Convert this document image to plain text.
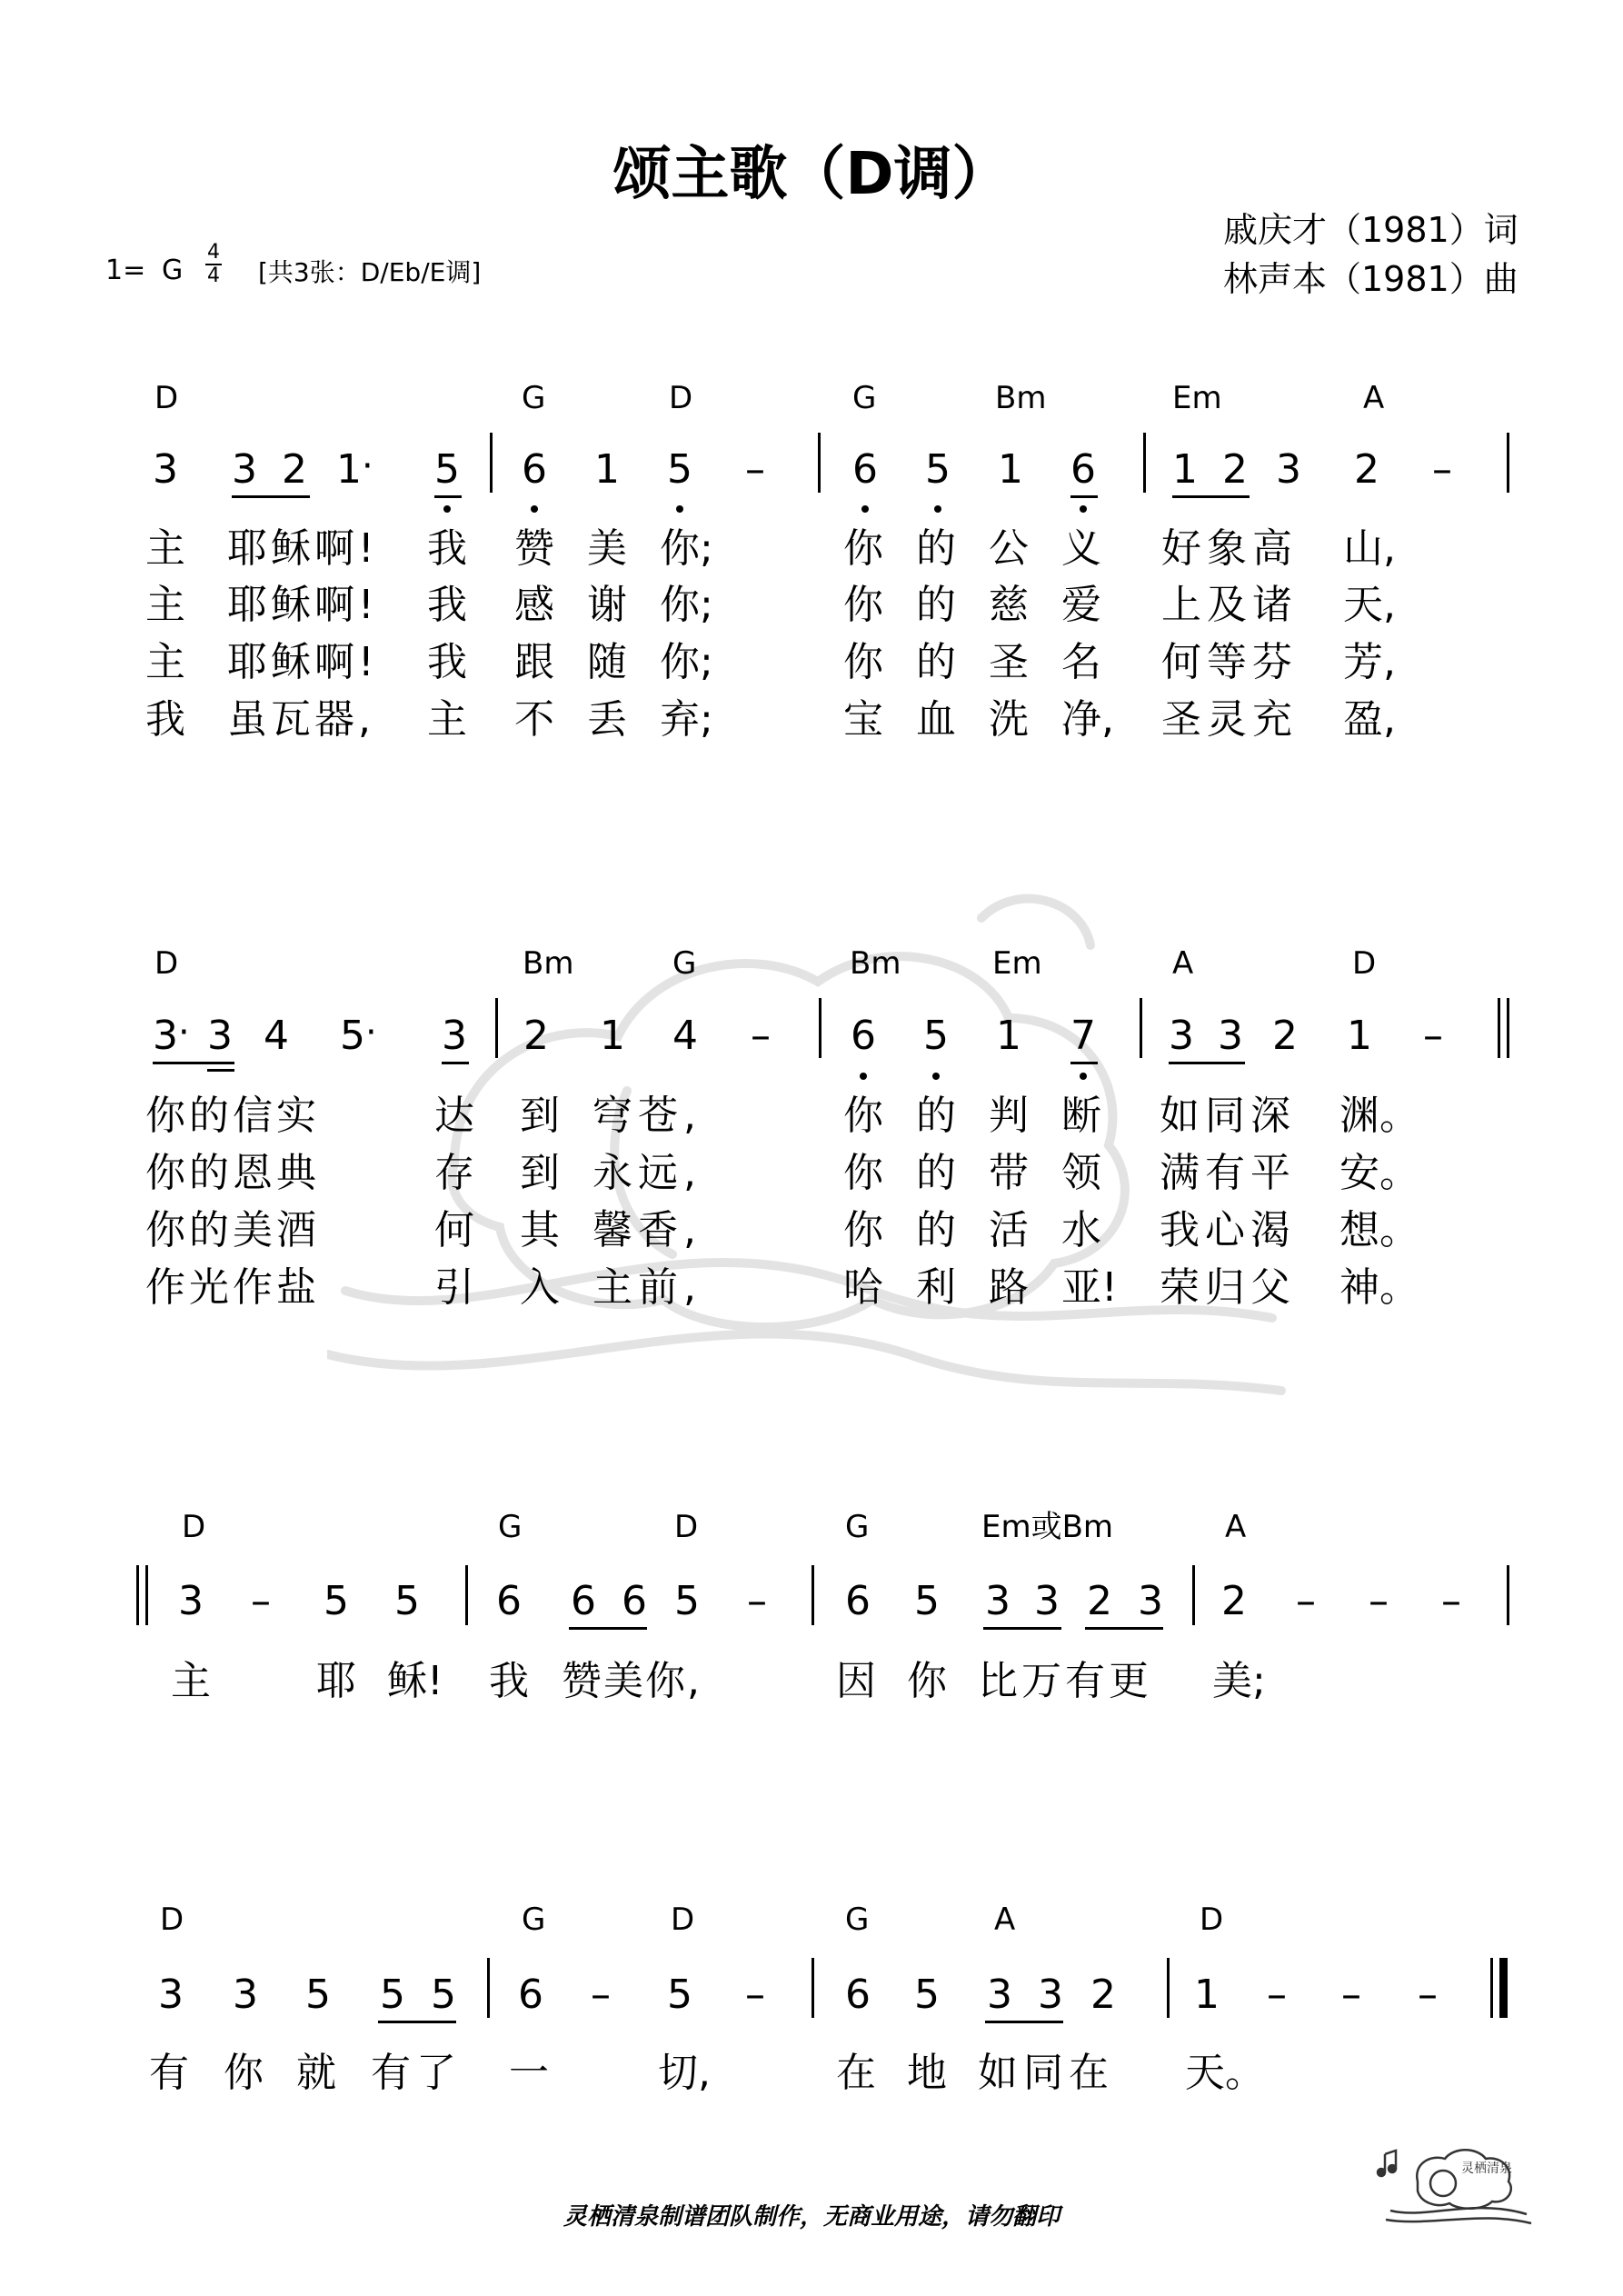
颂主歌（D调）
戚庆才（1981）词
林声本（1981）曲
1= G
4
4 [共3张：D/Eb/E调]
D	G	D	G	Bm	Em	A
3 3 2 1 · 5 6 1 5 – 6 5 1 6 1 2 3 2 –
主 耶稣啊! 我 赞 美 你;	你 的 公 义 好象高 山,
主 耶稣啊! 我 感 谢 你;	你 的 慈 爱 上及诸 天,
主 耶稣啊! 我 跟 随 你;	你 的 圣 名 何等芬 芳,
我 虽瓦器, 主 不 丢 弃;	宝 血 洗 净, 圣灵充 盈,
D	Bm	G	Bm	Em	A	D
3 · 3 4 5 · 3 2 1 4 – 6 5 1 7 3 3 2 1 –
你的信实	达 到 穹苍,	你 的 判 断 如同深 渊。
你的恩典	存 到 永远,	你 的 带 领 满有平 安。
你的美酒	何 其 馨香,	你 的 活 水 我心渴 想。
作光作盐	引 入 主前,	哈 利 路 亚! 荣归父 神。
D	G	D	G	Em或Bm	A
3 – 5 5 6 6 6 5 – 6 5 3 3 2 3 2 – – –
主	耶 稣! 我 赞美你,	因 你 比万有更 美;
D	G	D	G	A	D
3 3 5 5 5 6 – 5 – 6 5 3 3 2 1 – – –
有 你 就 有了 一	切,	在 地 如同在 天。
灵栖清泉制谱团队制作，无商业用途，请勿翻印
灵栖清泉
